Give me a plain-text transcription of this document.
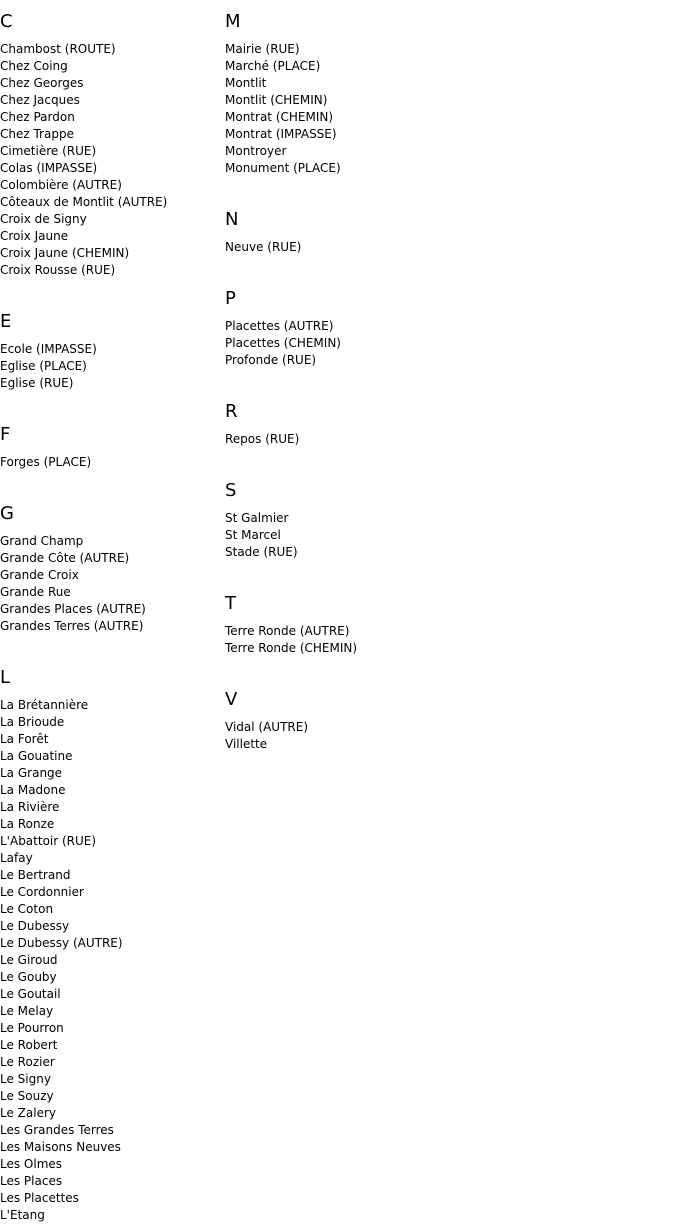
C
Chambost (ROUTE)
Chez Coing
Chez Georges
Chez Jacques
Chez Pardon
Chez Trappe
Cimetière (RUE)
Colas (IMPASSE)
Colombière (AUTRE)
Côteaux de Montlit (AUTRE)
Croix de Signy
Croix Jaune
Croix Jaune (CHEMIN)
Croix Rousse (RUE)
E
Ecole (IMPASSE)
Eglise (PLACE)
Eglise (RUE)
F
Forges (PLACE)
G
Grand Champ
Grande Côte (AUTRE)
Grande Croix
Grande Rue
Grandes Places (AUTRE)
Grandes Terres (AUTRE)
L
La Brétannière
La Brioude
La Forêt
La Gouatine
La Grange
La Madone
La Rivière
La Ronze
L'Abattoir (RUE)
Lafay
Le Bertrand
Le Cordonnier
Le Coton
Le Dubessy
Le Dubessy (AUTRE)
Le Giroud
Le Gouby
Le Goutail
Le Melay
Le Pourron
Le Robert
Le Rozier
Le Signy
Le Souzy
Le Zalery
Les Grandes Terres
Les Maisons Neuves
Les Olmes
Les Places
Les Placettes
L'Etang
M
Mairie (RUE)
Marché (PLACE)
Montlit
Montlit (CHEMIN)
Montrat (CHEMIN)
Montrat (IMPASSE)
Montroyer
Monument (PLACE)
N
Neuve (RUE)
P
Placettes (AUTRE)
Placettes (CHEMIN)
Profonde (RUE)
R
Repos (RUE)
S
St Galmier
St Marcel
Stade (RUE)
T
Terre Ronde (AUTRE)
Terre Ronde (CHEMIN)
V
Vidal (AUTRE)
Villette
